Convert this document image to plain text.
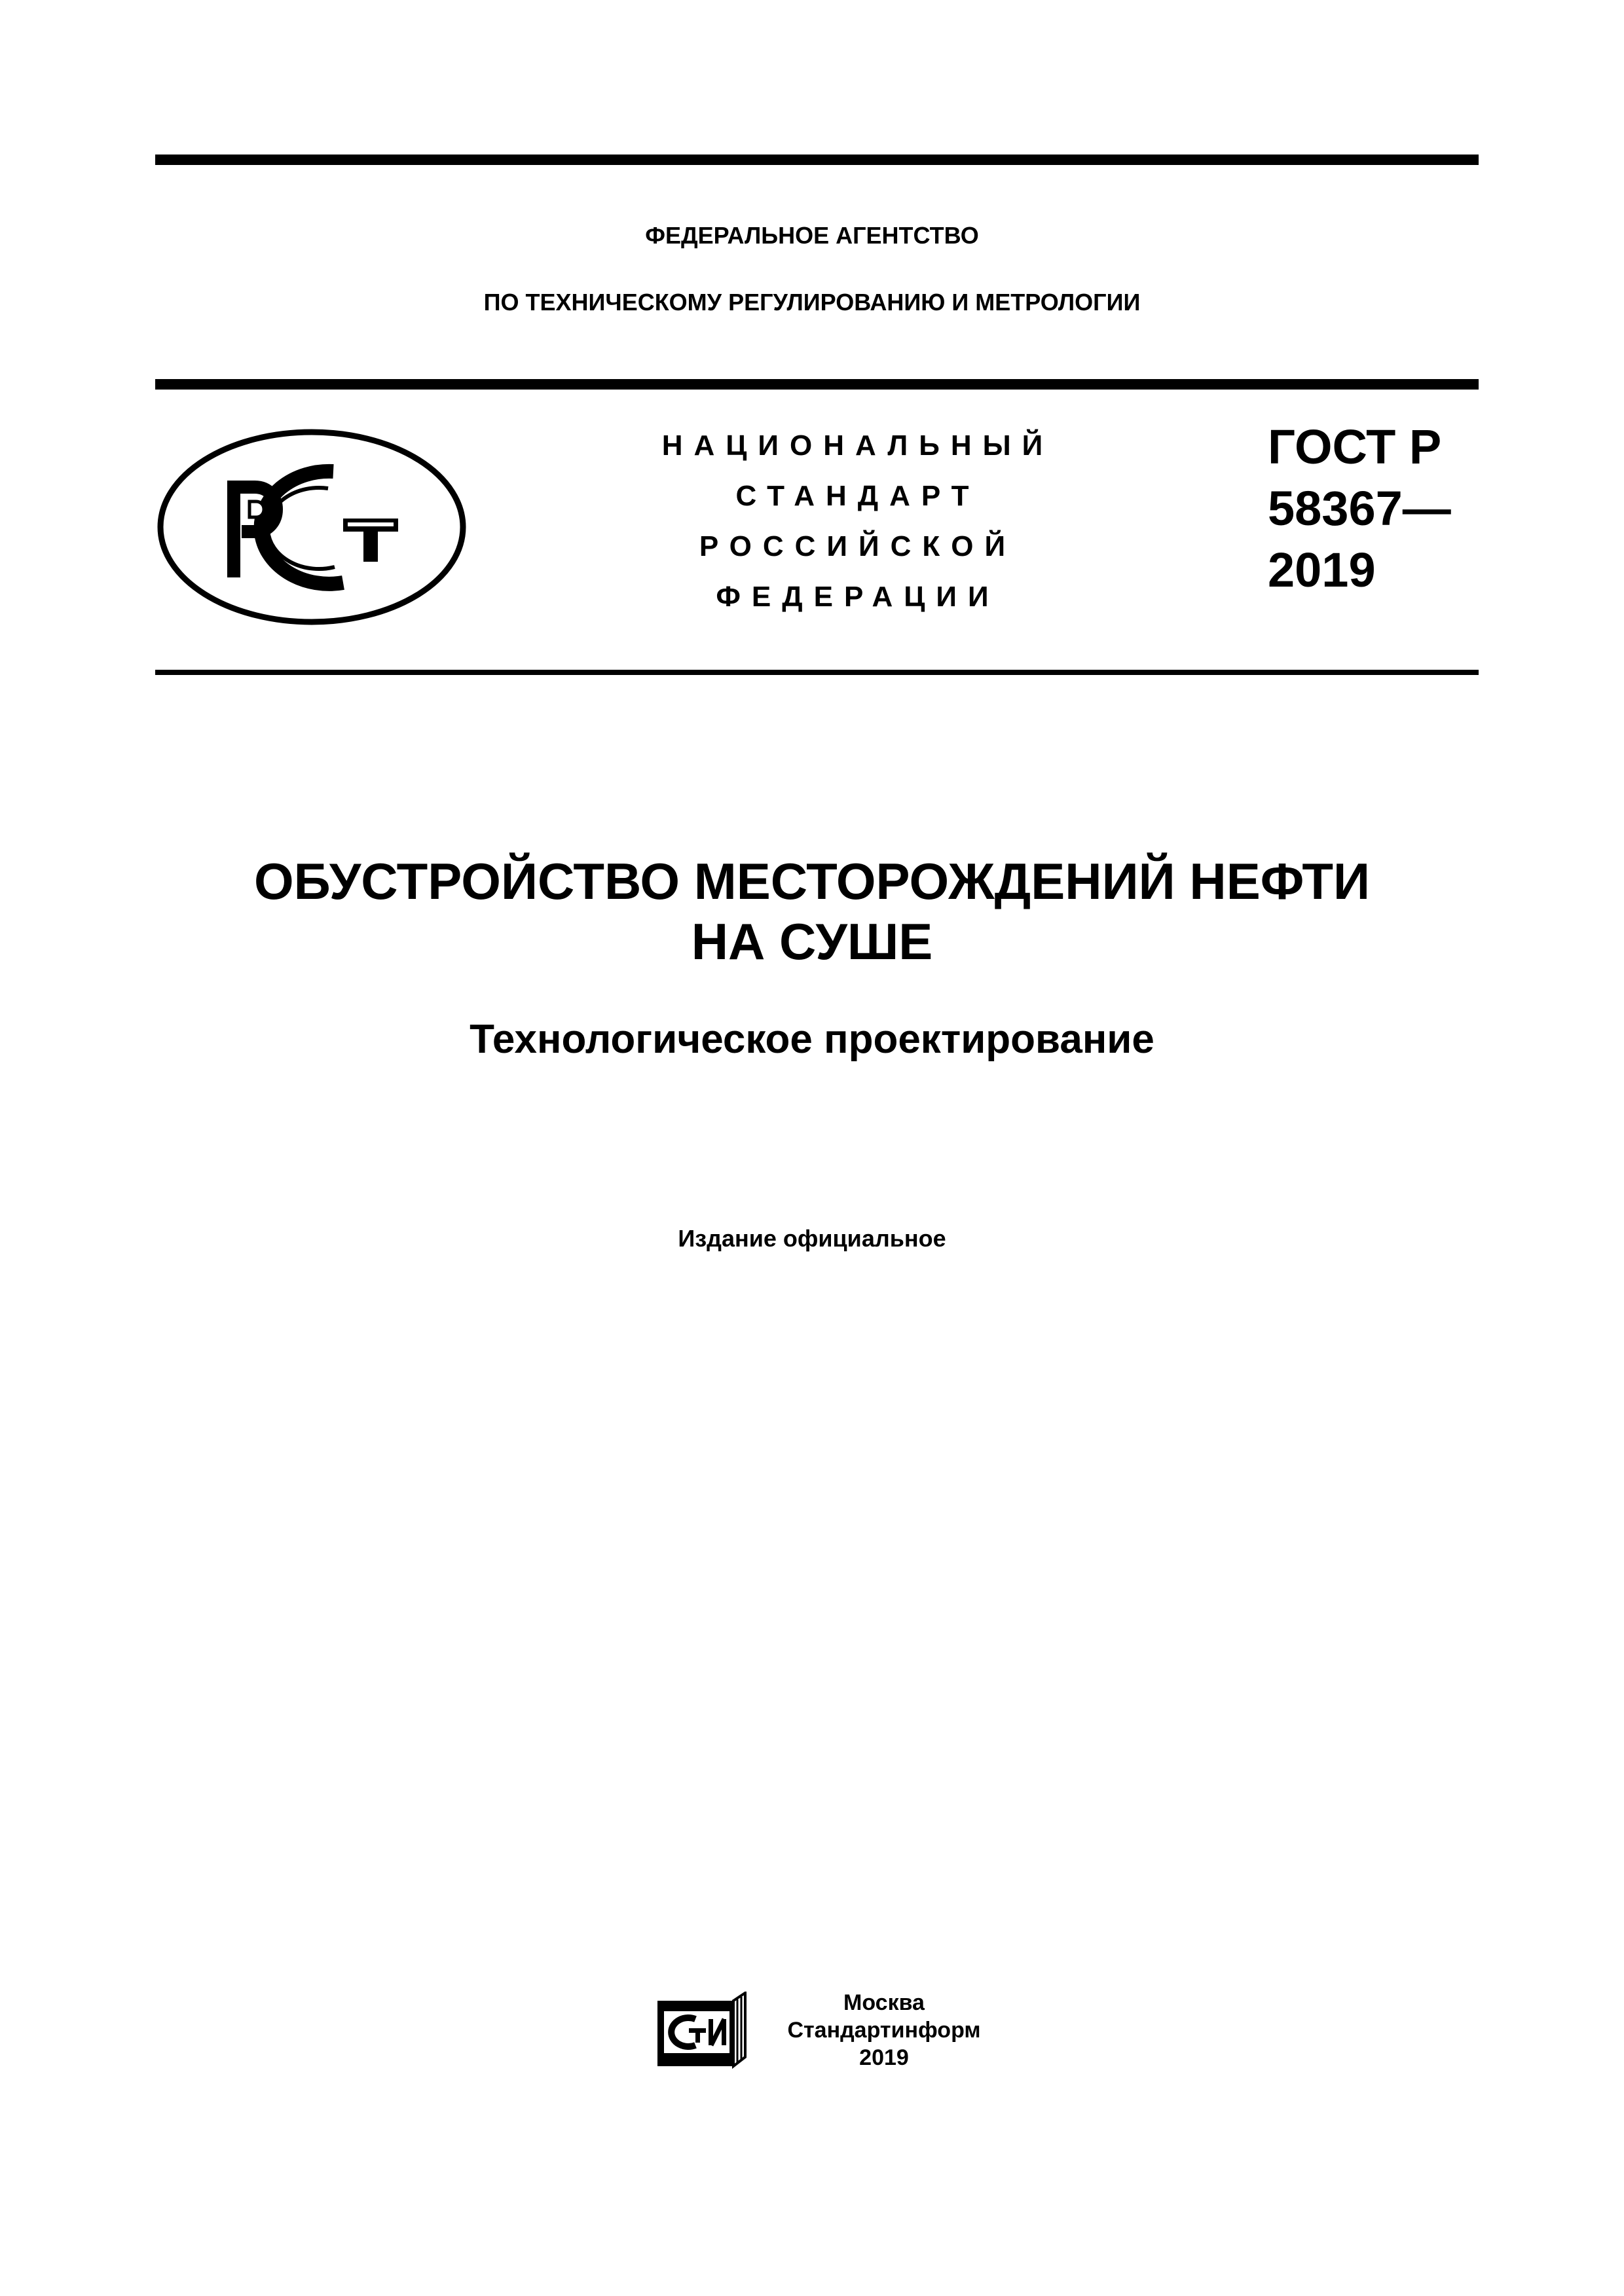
ФЕДЕРАЛЬНОЕ АГЕНТСТВО
ПО ТЕХНИЧЕСКОМУ РЕГУЛИРОВАНИЮ И МЕТРОЛОГИИ
НАЦИОНАЛЬНЫЙ
СТАНДАРТ
РОССИЙСКОЙ
ФЕДЕРАЦИИ
ГОСТ Р
58367—
2019
ОБУСТРОЙСТВО МЕСТОРОЖДЕНИЙ НЕФТИ
НА СУШЕ
Технологическое проектирование
Издание официальное
Москва
Стандартинформ
2019
